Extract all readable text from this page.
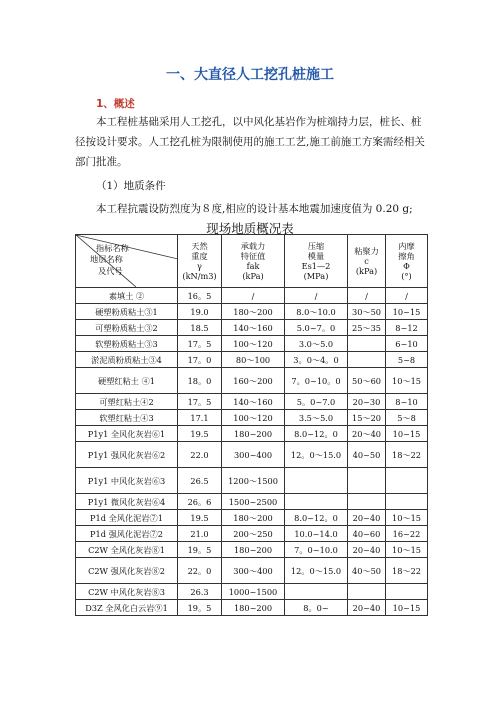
一、大直径人工挖孔桩施工
1、概述

本工程桩基础采用人工挖孔，以中风化基岩作为桩端持力层，桩长、桩径按设计要求。人工挖孔桩为限制使用的施工工艺,施工前施工方案需经相关部门批准。

（1）地质条件
本工程抗震设防烈度为８度,相应的设计基本地震加速度值为 0.20 g;
现场地质概况表
指标名称
地层名称
及代号	天然
重度
γ
(kN/m3)	承载力
特征值
fak
(kPa)	压缩
模量
Es1—2
(MPa)	粘聚力
c
(kPa)	内摩
擦角
Φ
(°)

素填土 ②	16。5	/	/	/	/
硬塑粉质粘土③1	19.0	180～200	8.0～10.0	30～50	10~15
可塑粉质粘土③2	18.5	140～160	5.0~7。0	25～35	8~12
软塑粉质粘土③3	17。5	100～120	3.0～5.0		6~10
淤泥质粉质粘土③4	17。0	80～100	3。0～4。0		5~8
硬塑红粘土 ④1	18。0	160～200	7。0~10。0	50～60	10～15
可塑红粘土④2	17。5	140～160	5。0~7.0	20~30	8~10
软塑红粘土④3	17.1	100～120	3.5～5.0	15～20	5～8
P1y1 全风化灰岩⑥1	19.5	180~200	8.0~12。0	20～40	10~15
P1y1 强风化灰岩⑥2	22.0	300~400	12。0～15.0	40~50	18～22
P1y1 中风化灰岩⑥3	26.5	1200～1500			
P1y1 微风化灰岩⑥4	26。6	1500~2500			
P1d 全风化泥岩⑦1	19.5	180～200	8.0~12。0	20~40	10～15
P1d 强风化泥岩⑦2	21.0	200～250	10.0~14.0	40~60	16~22
C2W 全风化灰岩⑧1	19。5	180~200	7。0~10.0	20~40	10～15
C2W 强风化灰岩⑧2	22。0	300～400	12。0～15.0	40～50	18～22
C2W 中风化灰岩⑧3	26.3	1000~1500			
D3Z 全风化白云岩⑨1	19。5	180~200	8。0~	20~40	10~15
